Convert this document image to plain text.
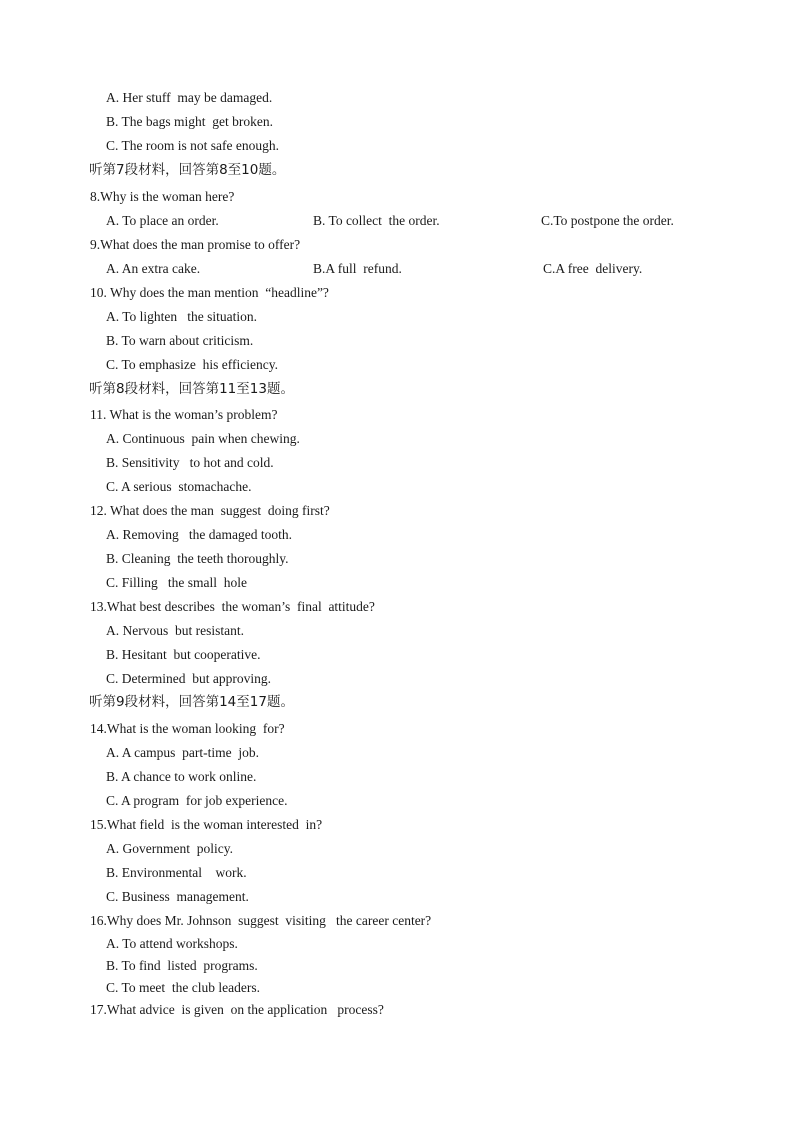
A. Her stuff  may be damaged.
B. The bags might  get broken.
C. The room is not safe enough.
听第7段材料，回答第8至10题。
8.Why is the woman here?
A. To place an order.	B. To collect  the order.	C.To postpone the order.
9.What does the man promise to offer?
A. An extra cake.	B.A full  refund.	C.A free  delivery.
10. Why does the man mention  “headline”?
A. To lighten   the situation.
B. To warn about criticism.
C. To emphasize  his efficiency.
听第8段材料，回答第11至13题。
11. What is the woman’s problem?
A. Continuous  pain when chewing.
B. Sensitivity   to hot and cold.
C. A serious  stomachache.
12. What does the man  suggest  doing first?
A. Removing   the damaged tooth.
B. Cleaning  the teeth thoroughly.
C. Filling   the small  hole
13.What best describes  the woman’s  final  attitude?
A. Nervous  but resistant.
B. Hesitant  but cooperative.
C. Determined  but approving.
听第9段材料，回答第14至17题。
14.What is the woman looking  for?
A. A campus  part-time  job.
B. A chance to work online.
C. A program  for job experience.
15.What field  is the woman interested  in?
A. Government  policy.
B. Environmental    work.
C. Business  management.
16.Why does Mr. Johnson  suggest  visiting   the career center?
A. To attend workshops.
B. To find  listed  programs.
C. To meet  the club leaders.
17.What advice  is given  on the application   process?
